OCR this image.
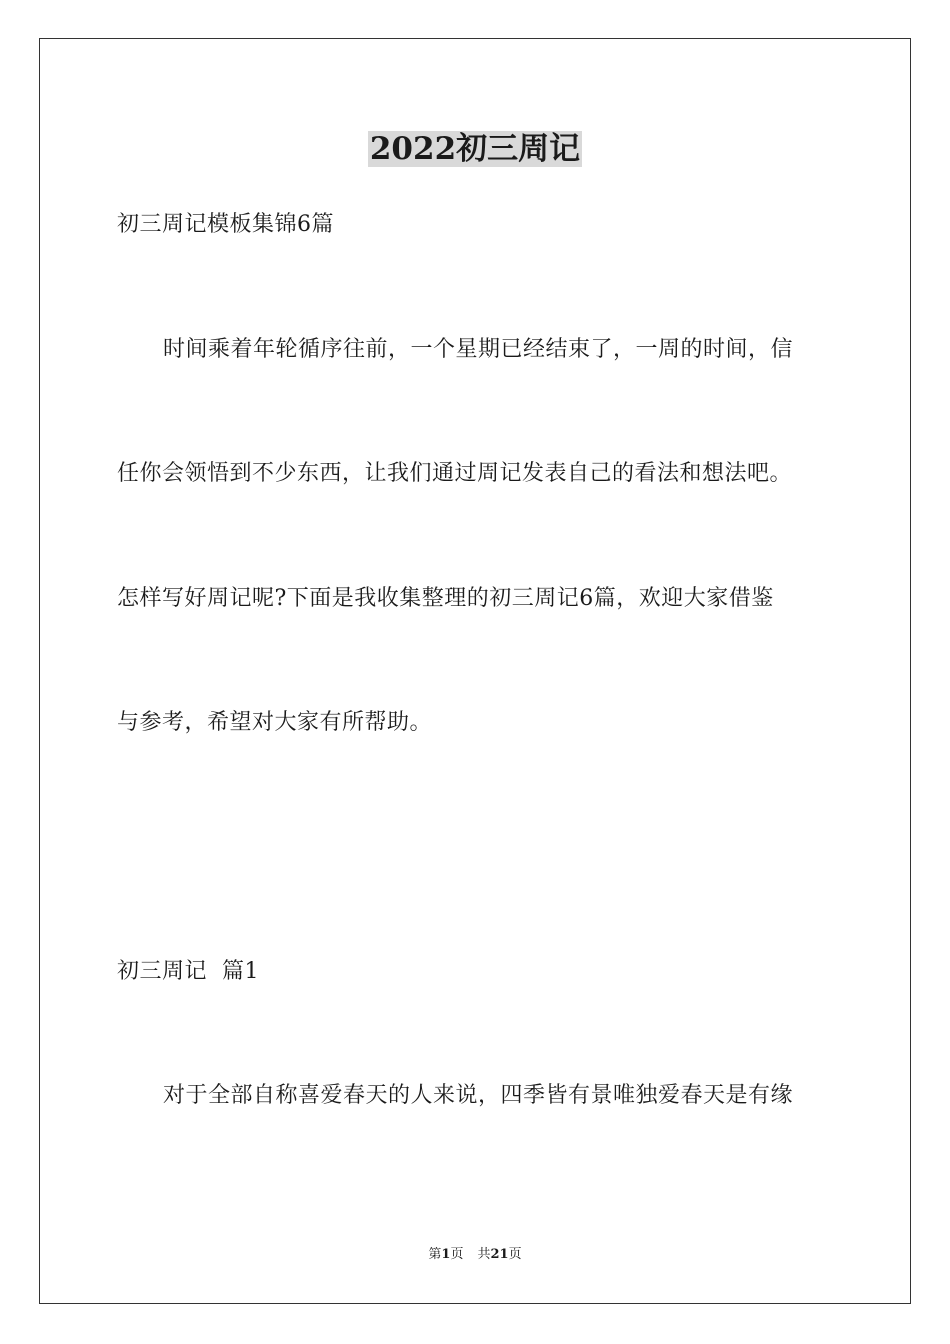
2022初三周记
初三周记模板集锦6篇
时间乘着年轮循序往前，一个星期已经结束了，一周的时间，信
任你会领悟到不少东西，让我们通过周记发表自己的看法和想法吧。
怎样写好周记呢?下面是我收集整理的初三周记6篇，欢迎大家借鉴
与参考，希望对大家有所帮助。
初三周记  篇1
对于全部自称喜爱春天的人来说，四季皆有景唯独爱春天是有缘
第1页 共21页
